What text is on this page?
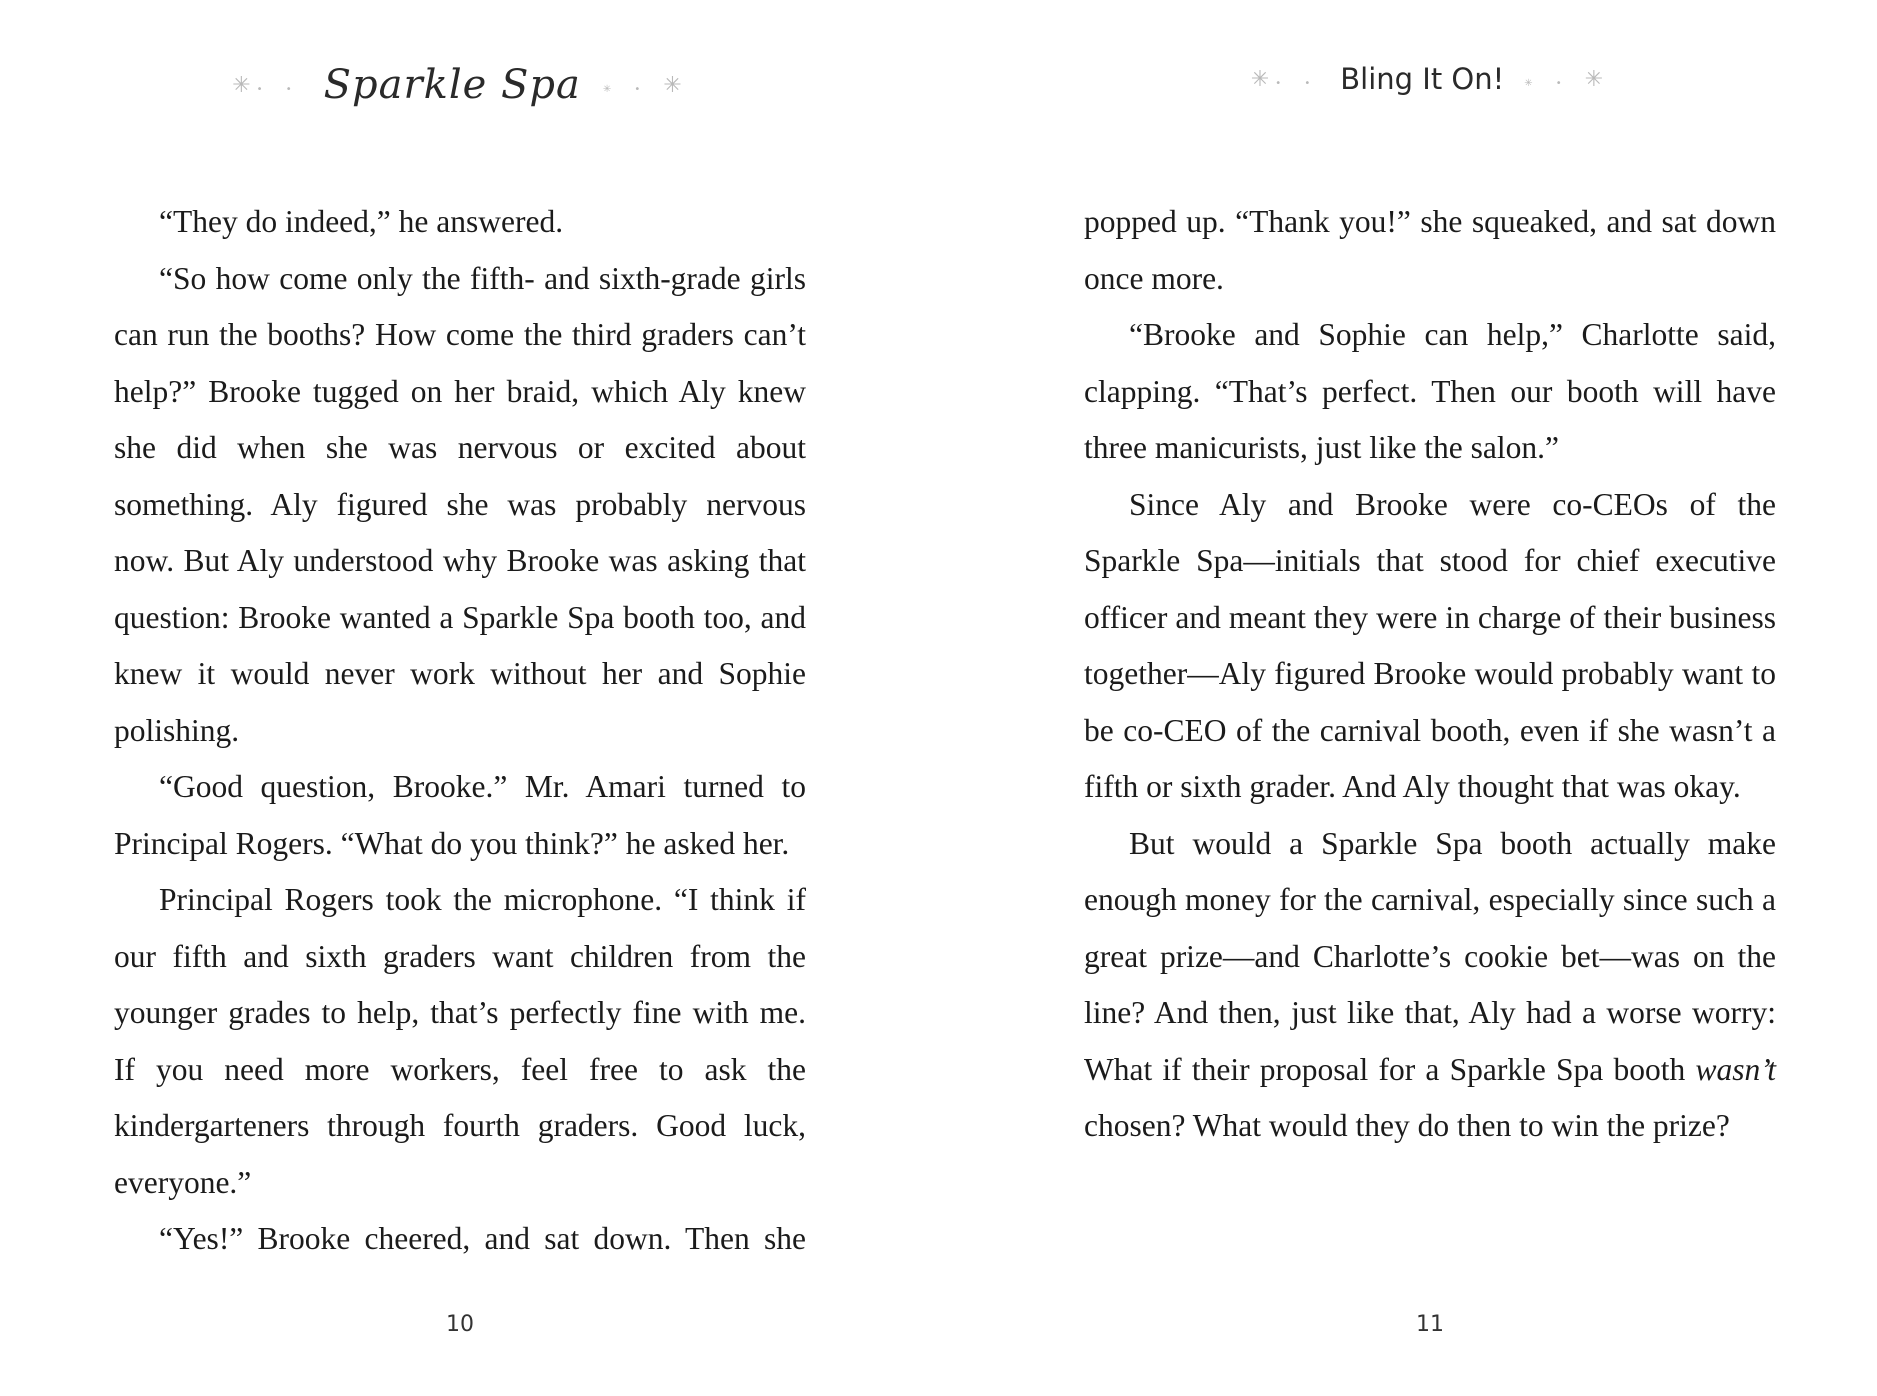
✳• • Sparkle Spa ✳ • ✳

“They do indeed,” he answered.

“So how come only the fifth- and sixth-grade girls can run the booths? How come the third graders can’t help?” Brooke tugged on her braid, which Aly knew she did when she was nervous or excited about something. Aly figured she was probably nervous now. But Aly understood why Brooke was asking that question: Brooke wanted a Sparkle Spa booth too, and knew it would never work without her and Sophie polishing.

“Good question, Brooke.” Mr. Amari turned to Principal Rogers. “What do you think?” he asked her.

Principal Rogers took the microphone. “I think if our fifth and sixth graders want children from the younger grades to help, that’s perfectly fine with me. If you need more workers, feel free to ask the kindergarteners through fourth graders. Good luck, everyone.”

“Yes!” Brooke cheered, and sat down. Then she

10
✳• • Bling It On! ✳ • ✳

popped up. “Thank you!” she squeaked, and sat down once more.

“Brooke and Sophie can help,” Charlotte said, clapping. “That’s perfect. Then our booth will have three manicurists, just like the salon.”

Since Aly and Brooke were co-CEOs of the Sparkle Spa—initials that stood for chief executive officer and meant they were in charge of their business together—Aly figured Brooke would probably want to be co-CEO of the carnival booth, even if she wasn’t a fifth or sixth grader. And Aly thought that was okay.

But would a Sparkle Spa booth actually make enough money for the carnival, especially since such a great prize—and Charlotte’s cookie bet—was on the line? And then, just like that, Aly had a worse worry: What if their proposal for a Sparkle Spa booth wasn’t chosen? What would they do then to win the prize?

11
